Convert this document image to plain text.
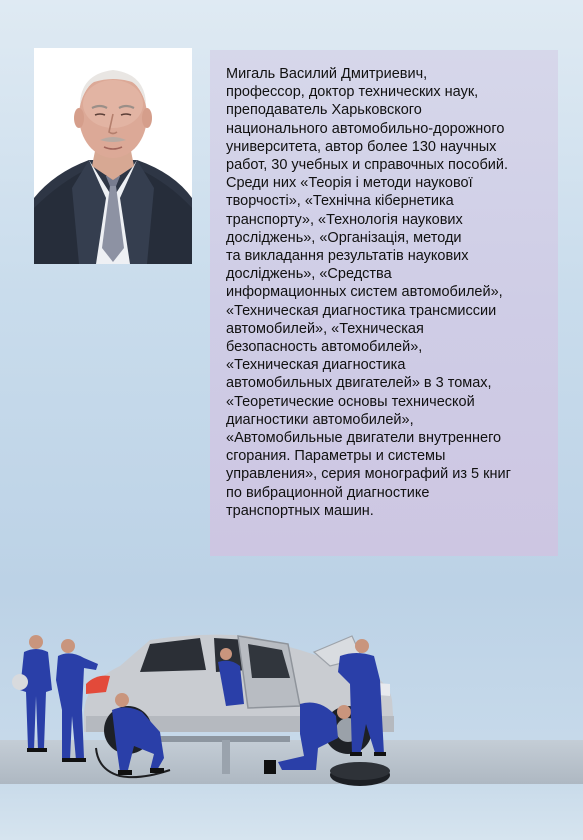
Мигаль Василий Дмитриевич,
профессор, доктор технических наук,
преподаватель Харьковского
национального автомобильно-дорожного
университета, автор более 130 научных
работ, 30 учебных и справочных пособий.
Среди них «Теорія і методи наукової
творчості», «Технічна кібернетика
транспорту», «Технологія наукових
досліджень», «Організація, методи
та викладання результатів наукових
досліджень», «Средства
информационных систем автомобилей»,
«Техническая диагностика трансмиссии
автомобилей», «Техническая
безопасность автомобилей»,
«Техническая диагностика
автомобильных двигателей» в 3 томах,
«Теоретические основы технической
диагностики автомобилей»,
«Автомобильные двигатели внутреннего
сгорания. Параметры и системы
управления», серия монографий из 5 книг
по вибрационной диагностике
транспортных машин.
